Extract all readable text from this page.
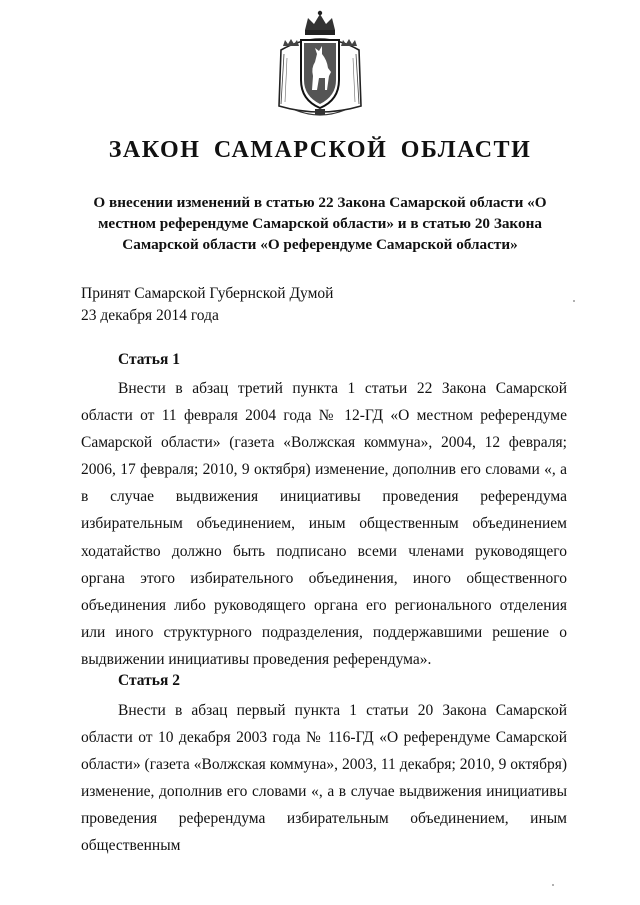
ЗАКОН САМАРСКОЙ ОБЛАСТИ
О внесении изменений в статью 22 Закона Самарской области «О местном референдуме Самарской области» и в статью 20 Закона Самарской области «О референдуме Самарской области»
Принят Самарской Губернской Думой
23 декабря 2014 года
Статья 1
Внести в абзац третий пункта 1 статьи 22 Закона Самарской области от 11 февраля 2004 года № 12-ГД «О местном референдуме Самарской области» (газета «Волжская коммуна», 2004, 12 февраля; 2006, 17 февраля; 2010, 9 октября) изменение, дополнив его словами «, а в случае выдвижения инициативы проведения референдума избирательным объединением, иным общественным объединением ходатайство должно быть подписано всеми членами руководящего органа этого избирательного объединения, иного общественного объединения либо руководящего органа его регионального отделения или иного структурного подразделения, поддержавшими решение о выдвижении инициативы проведения референдума».
Статья 2
Внести в абзац первый пункта 1 статьи 20 Закона Самарской области от 10 декабря 2003 года № 116-ГД «О референдуме Самарской области» (газета «Волжская коммуна», 2003, 11 декабря; 2010, 9 октября) изменение, дополнив его словами «, а в случае выдвижения инициативы проведения референдума избирательным объединением, иным общественным
